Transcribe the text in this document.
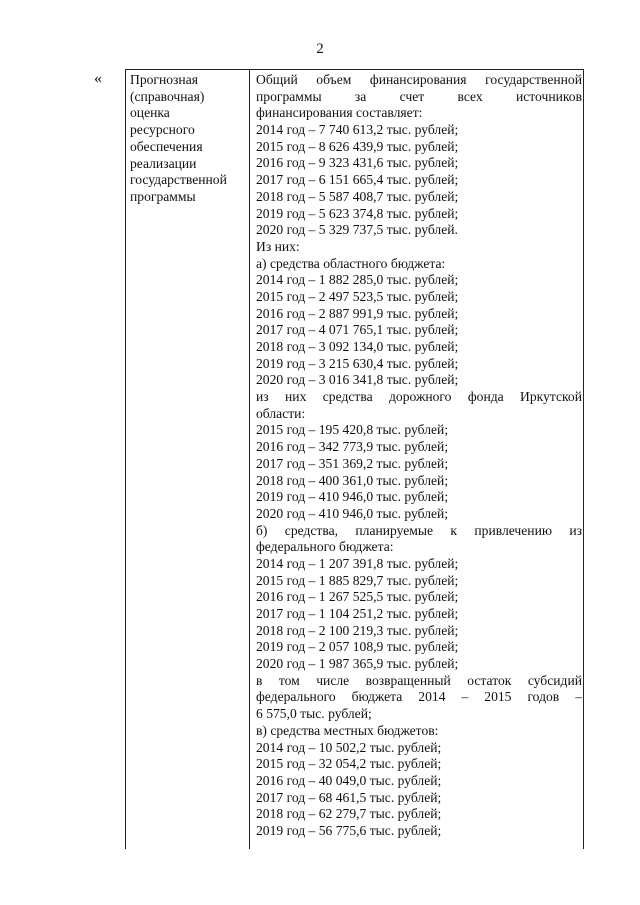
2
« Прогнозная
(справочная)
оценка
ресурсного
обеспечения
реализации
государственной
программы
Общий объем финансирования государственной
программы за счет всех источников
финансирования составляет:
2014 год – 7 740 613,2 тыс. рублей;
2015 год – 8 626 439,9 тыс. рублей;
2016 год – 9 323 431,6 тыс. рублей;
2017 год – 6 151 665,4 тыс. рублей;
2018 год – 5 587 408,7 тыс. рублей;
2019 год – 5 623 374,8 тыс. рублей;
2020 год – 5 329 737,5 тыс. рублей.
Из них:
а) средства областного бюджета:
2014 год – 1 882 285,0 тыс. рублей;
2015 год – 2 497 523,5 тыс. рублей;
2016 год – 2 887 991,9 тыс. рублей;
2017 год – 4 071 765,1 тыс. рублей;
2018 год – 3 092 134,0 тыс. рублей;
2019 год – 3 215 630,4 тыс. рублей;
2020 год – 3 016 341,8 тыс. рублей;
из них средства дорожного фонда Иркутской
области:
2015 год – 195 420,8 тыс. рублей;
2016 год – 342 773,9 тыс. рублей;
2017 год – 351 369,2 тыс. рублей;
2018 год – 400 361,0 тыс. рублей;
2019 год – 410 946,0 тыс. рублей;
2020 год – 410 946,0 тыс. рублей;
б) средства, планируемые к привлечению из
федерального бюджета:
2014 год – 1 207 391,8 тыс. рублей;
2015 год – 1 885 829,7 тыс. рублей;
2016 год – 1 267 525,5 тыс. рублей;
2017 год – 1 104 251,2 тыс. рублей;
2018 год – 2 100 219,3 тыс. рублей;
2019 год – 2 057 108,9 тыс. рублей;
2020 год – 1 987 365,9 тыс. рублей;
в том числе возвращенный остаток субсидий
федерального бюджета 2014 – 2015 годов –
6 575,0 тыс. рублей;
в) средства местных бюджетов:
2014 год – 10 502,2 тыс. рублей;
2015 год – 32 054,2 тыс. рублей;
2016 год – 40 049,0 тыс. рублей;
2017 год – 68 461,5 тыс. рублей;
2018 год – 62 279,7 тыс. рублей;
2019 год – 56 775,6 тыс. рублей;
